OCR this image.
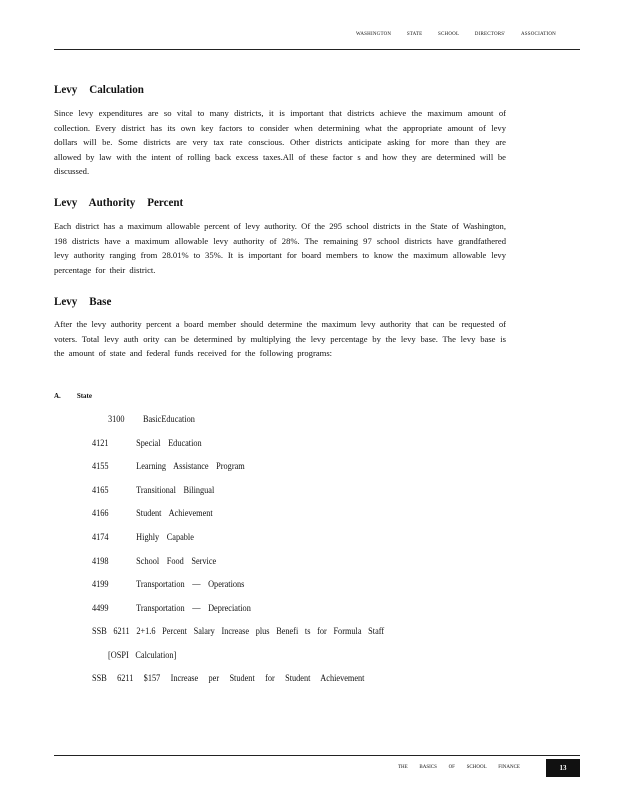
WASHINGTON	STATE	SCHOOL	DIRECTORS'	ASSOCIATION
Levy Calculation

Since levy expenditures are so vital to many districts, it is important that districts achieve the maximum amount of collection. Every district has its own key factors to consider when determining what the appropriate amount of levy dollars will be. Some districts are very tax rate conscious. Other districts anticipate asking for more than they are allowed by law with the intent of rolling back excess taxes.All of these factor s and how they are determined will be discussed.

Levy Authority Percent

Each district has a maximum allowable percent of levy authority. Of the 295 school districts in the State of Washington, 198 districts have a maximum allowable levy authority of 28%. The remaining 97 school districts have grandfathered levy authority ranging from 28.01% to 35%. It is important for board members to know the maximum allowable levy percentage for their district.

Levy Base

After the levy authority percent a board member should determine the maximum levy authority that can be requested of voters. Total levy auth ority can be determined by multiplying the levy percentage by the levy base. The levy base is the amount of state and federal funds received for the following programs:

A. State
3100	BasicEducation
4121	Special Education
4155	Learning Assistance Program
4165	Transitional Bilingual
4166	Student Achievement
4174	Highly Capable
4198	School Food Service
4199	Transportation — Operations
4499	Transportation — Depreciation
SSB 6211 2+1.6 Percent Salary Increase plus Benefi ts for Formula Staff
[OSPI Calculation]
SSB 6211 $157 Increase per Student for Student Achievement
THE BASICS OF SCHOOL FINANCE	13
